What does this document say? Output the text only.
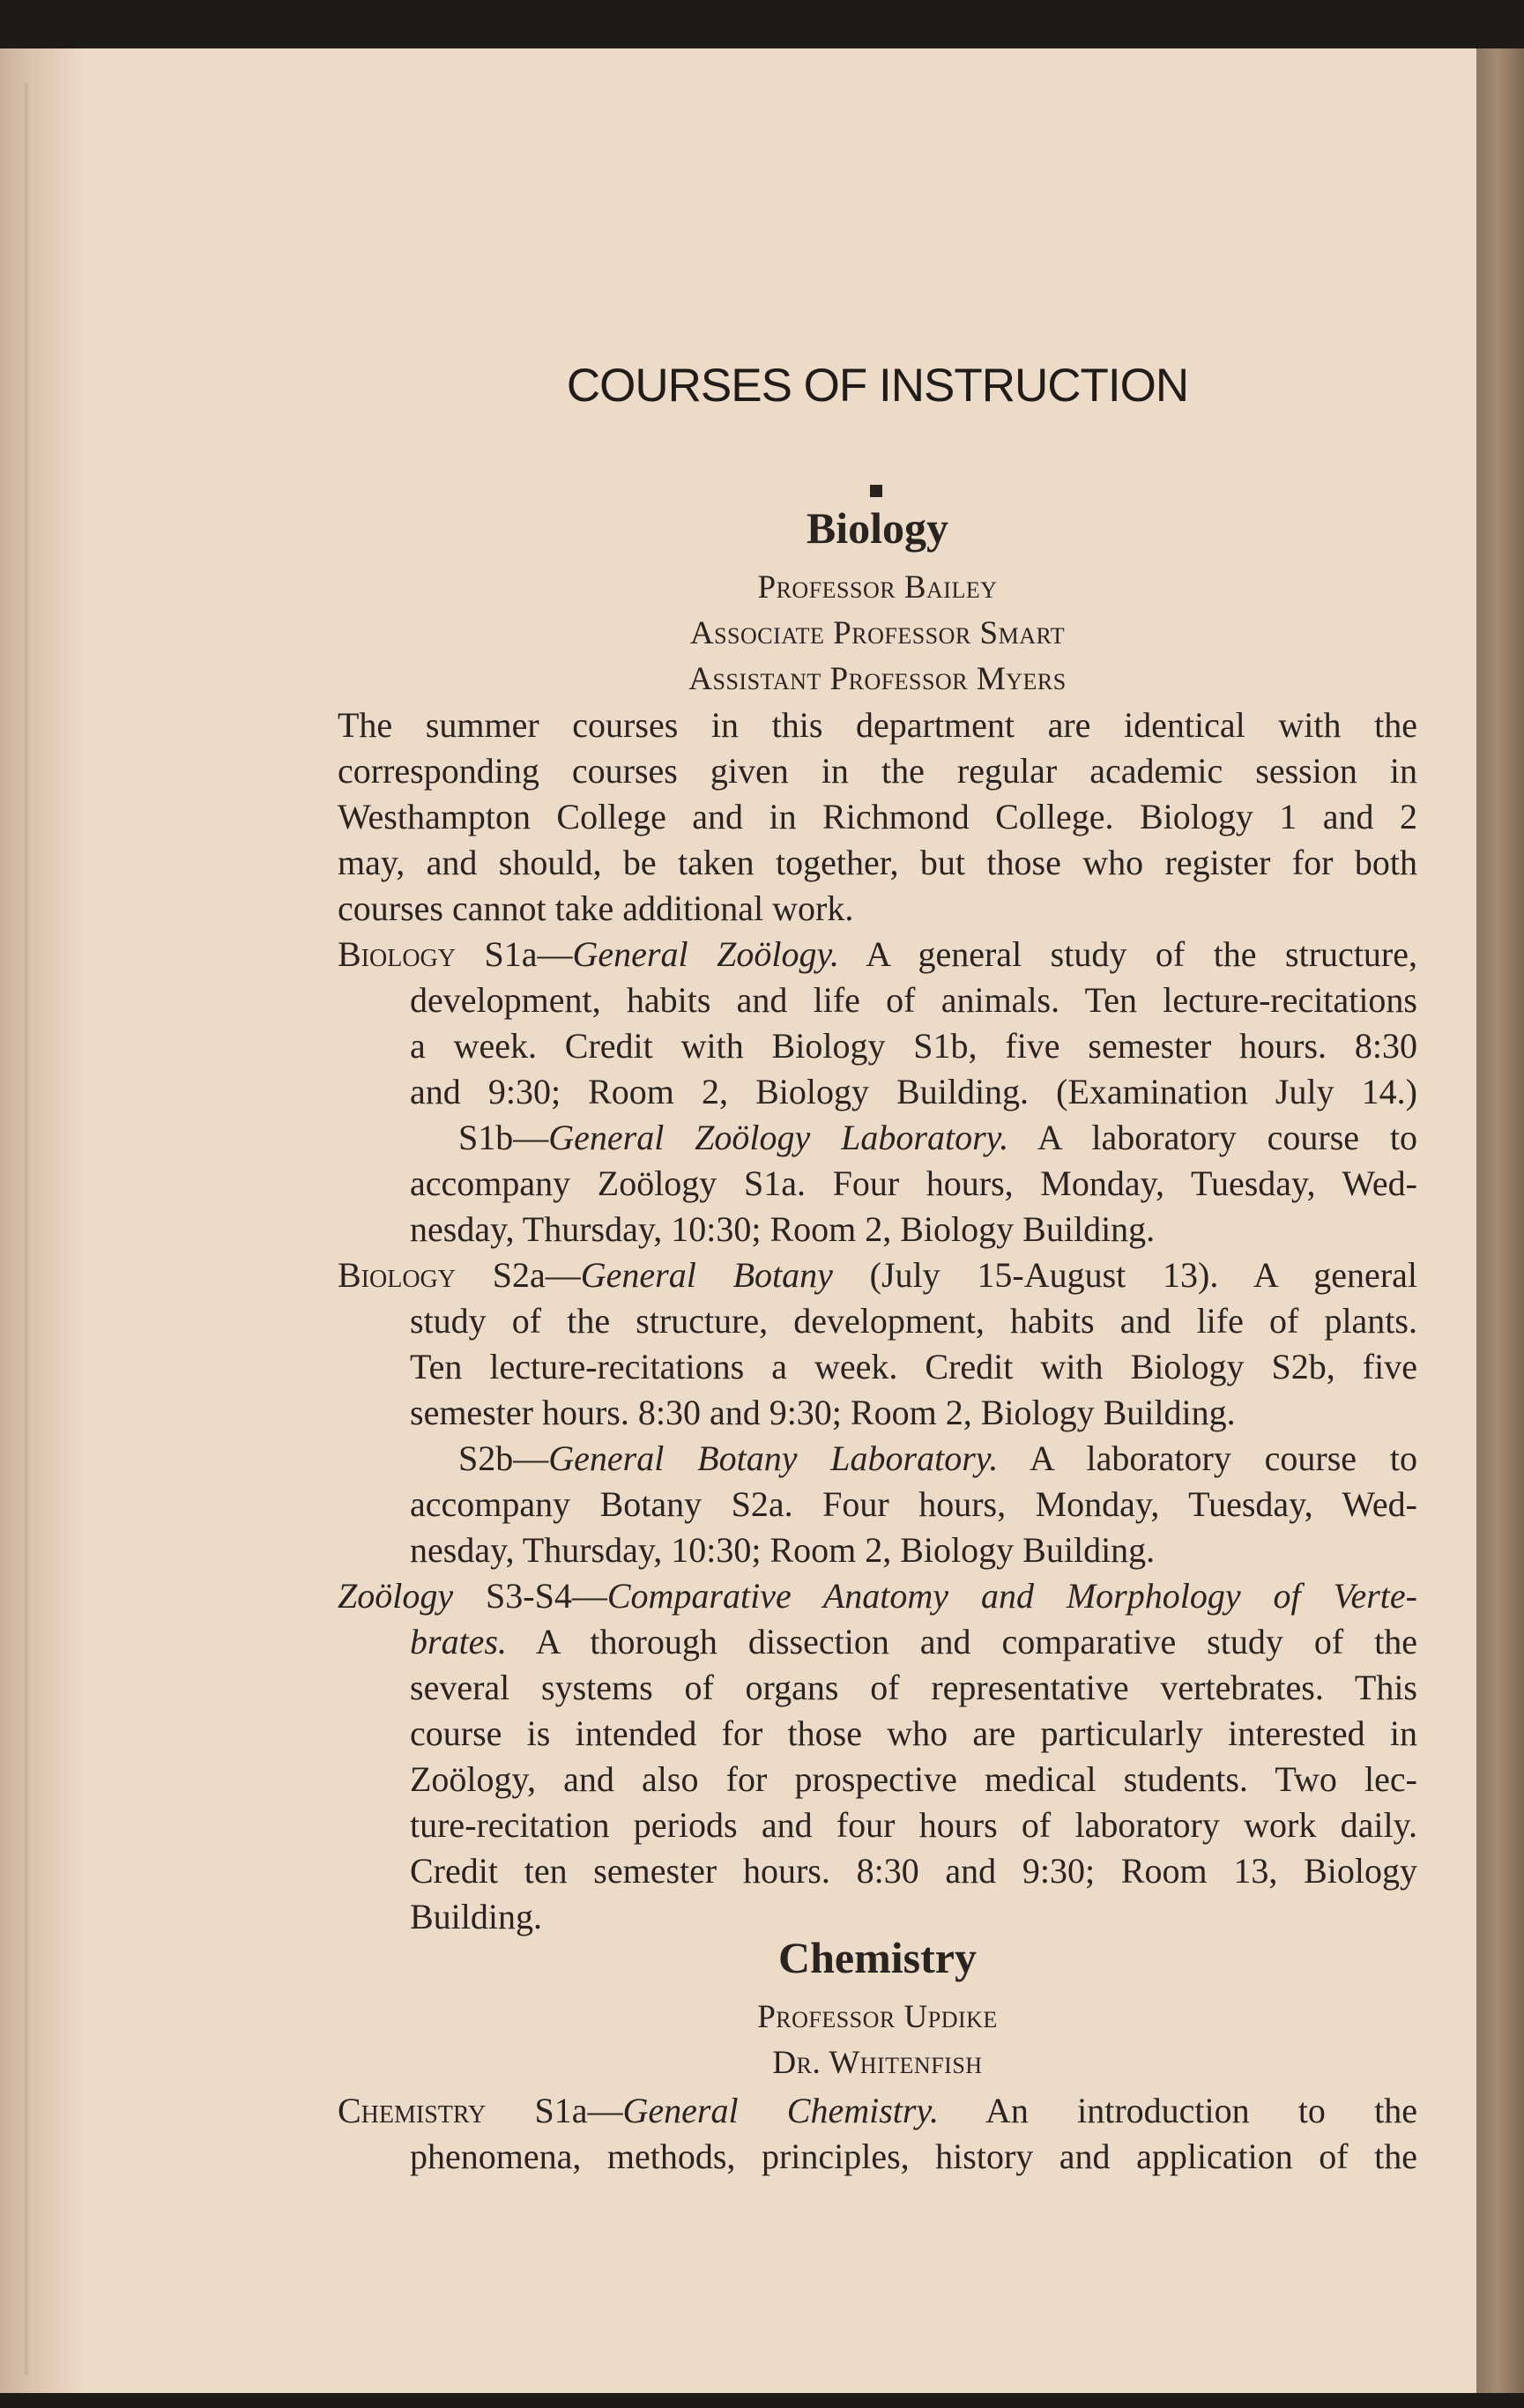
COURSES OF INSTRUCTION
Biology
Professor Bailey
Associate Professor Smart
Assistant Professor Myers
The summer courses in this department are identical with the
corresponding courses given in the regular academic session in
Westhampton College and in Richmond College. Biology 1 and 2
may, and should, be taken together, but those who register for both
courses cannot take additional work.
Biology S1a—General Zoölogy. A general study of the structure,
development, habits and life of animals. Ten lecture-recitations
a week. Credit with Biology S1b, five semester hours. 8:30
and 9:30; Room 2, Biology Building. (Examination July 14.)
S1b—General Zoölogy Laboratory. A laboratory course to
accompany Zoölogy S1a. Four hours, Monday, Tuesday, Wed-
nesday, Thursday, 10:30; Room 2, Biology Building.
Biology S2a—General Botany (July 15-August 13). A general
study of the structure, development, habits and life of plants.
Ten lecture-recitations a week. Credit with Biology S2b, five
semester hours. 8:30 and 9:30; Room 2, Biology Building.
S2b—General Botany Laboratory. A laboratory course to
accompany Botany S2a. Four hours, Monday, Tuesday, Wed-
nesday, Thursday, 10:30; Room 2, Biology Building.
Zoölogy S3-S4—Comparative Anatomy and Morphology of Verte-
brates. A thorough dissection and comparative study of the
several systems of organs of representative vertebrates. This
course is intended for those who are particularly interested in
Zoölogy, and also for prospective medical students. Two lec-
ture-recitation periods and four hours of laboratory work daily.
Credit ten semester hours. 8:30 and 9:30; Room 13, Biology
Building.
Chemistry
Professor Updike
Dr. Whitenfish
Chemistry S1a—General Chemistry. An introduction to the
phenomena, methods, principles, history and application of the
